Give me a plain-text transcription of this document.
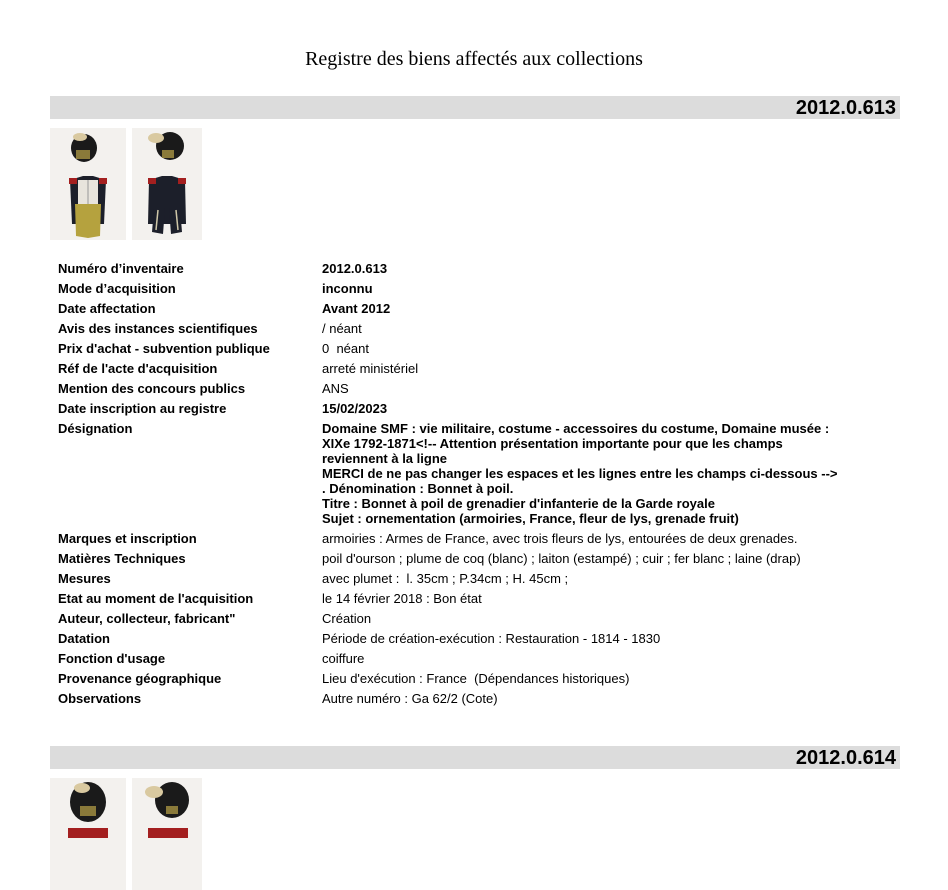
Registre des biens affectés aux collections
2012.0.613
Numéro d’inventaire	2012.0.613
Mode d’acquisition	inconnu
Date affectation	Avant 2012
Avis des instances scientifiques	/ néant
Prix d'achat - subvention publique	0  néant
Réf de l'acte d'acquisition	arreté ministériel
Mention des concours publics	ANS
Date inscription au registre	15/02/2023
Désignation	Domaine SMF : vie militaire, costume - accessoires du costume, Domaine musée : XIXe 1792-1871<!-- Attention présentation importante pour que les champs reviennent à la ligne
MERCI de ne pas changer les espaces et les lignes entre les champs ci-dessous -->
. Dénomination : Bonnet à poil.
Titre : Bonnet à poil de grenadier d'infanterie de la Garde royale
Sujet : ornementation (armoiries, France, fleur de lys, grenade fruit)
Marques et inscription	armoiries : Armes de France, avec trois fleurs de lys, entourées de deux grenades.
Matières Techniques	poil d'ourson ; plume de coq (blanc) ; laiton (estampé) ; cuir ; fer blanc ; laine (drap)
Mesures	avec plumet :  l. 35cm ; P.34cm ; H. 45cm ;
Etat au moment de l'acquisition	le 14 février 2018 : Bon état
Auteur, collecteur, fabricant"	Création
Datation	Période de création-exécution : Restauration - 1814 - 1830
Fonction d'usage	coiffure
Provenance géographique	Lieu d'exécution : France  (Dépendances historiques)
Observations	Autre numéro : Ga 62/2 (Cote)
2012.0.614
